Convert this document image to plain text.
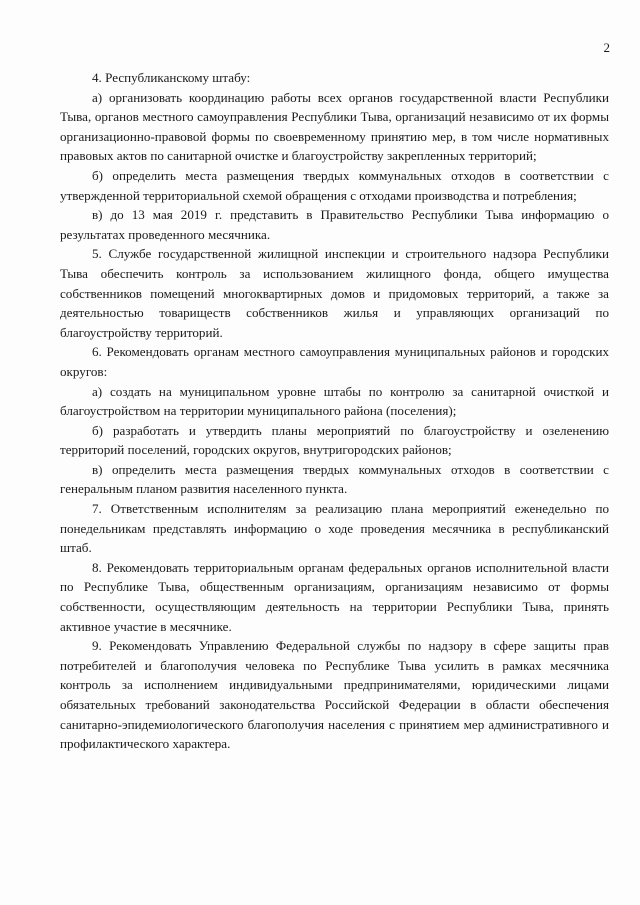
2

4. Республиканскому штабу:

а) организовать координацию работы всех органов государственной власти Республики Тыва, органов местного самоуправления Республики Тыва, организаций независимо от их формы организационно-правовой формы по своевременному принятию мер, в том числе нормативных правовых актов по санитарной очистке и благоустройству закрепленных территорий;

б) определить места размещения твердых коммунальных отходов в соответствии с утвержденной территориальной схемой обращения с отходами производства и потребления;

в) до 13 мая 2019 г. представить в Правительство Республики Тыва информацию о результатах проведенного месячника.

5. Службе государственной жилищной инспекции и строительного надзора Республики Тыва обеспечить контроль за использованием жилищного фонда, общего имущества собственников помещений многоквартирных домов и придомовых территорий, а также за деятельностью товариществ собственников жилья и управляющих организаций по благоустройству территорий.

6. Рекомендовать органам местного самоуправления муниципальных районов и городских округов:

а) создать на муниципальном уровне штабы по контролю за санитарной очисткой и благоустройством на территории муниципального района (поселения);

б) разработать и утвердить планы мероприятий по благоустройству и озеленению территорий поселений, городских округов, внутригородских районов;

в) определить места размещения твердых коммунальных отходов в соответствии с генеральным планом развития населенного пункта.

7. Ответственным исполнителям за реализацию плана мероприятий еженедельно по понедельникам представлять информацию о ходе проведения месячника в республиканский штаб.

8. Рекомендовать территориальным органам федеральных органов исполнительной власти по Республике Тыва, общественным организациям, организациям независимо от формы собственности, осуществляющим деятельность на территории Республики Тыва, принять активное участие в месячнике.

9. Рекомендовать Управлению Федеральной службы по надзору в сфере защиты прав потребителей и благополучия человека по Республике Тыва усилить в рамках месячника контроль за исполнением индивидуальными предпринимателями, юридическими лицами обязательных требований законодательства Российской Федерации в области обеспечения санитарно-эпидемиологического благополучия населения с принятием мер административного и профилактического характера.
